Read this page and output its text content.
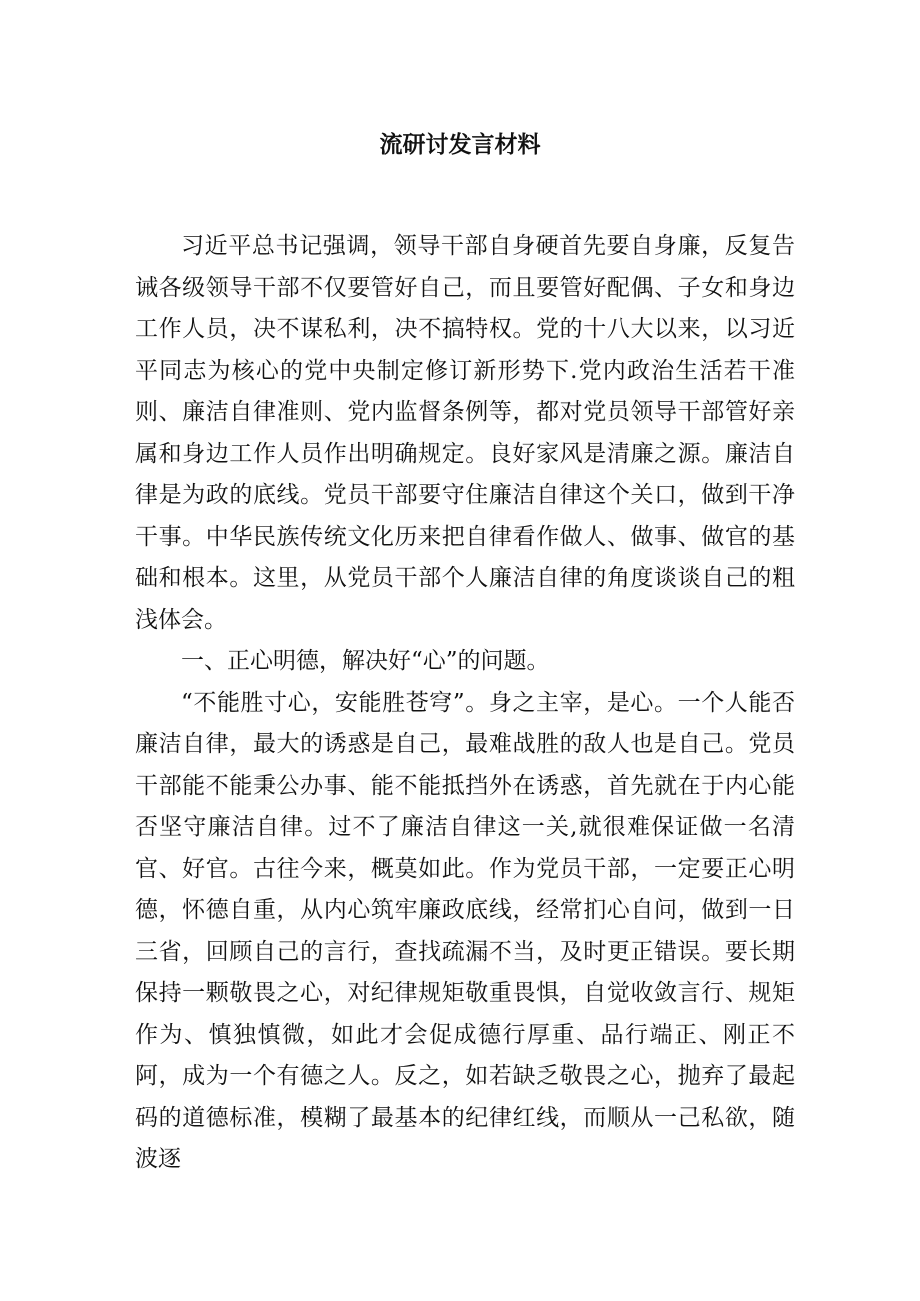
流研讨发言材料

习近平总书记强调，领导干部自身硬首先要自身廉，反复告诫各级领导干部不仅要管好自己，而且要管好配偶、子女和身边工作人员，决不谋私利，决不搞特权。党的十八大以来，以习近平同志为核心的党中央制定修订新形势下.党内政治生活若干准则、廉洁自律准则、党内监督条例等，都对党员领导干部管好亲属和身边工作人员作出明确规定。良好家风是清廉之源。廉洁自律是为政的底线。党员干部要守住廉洁自律这个关口，做到干净干事。中华民族传统文化历来把自律看作做人、做事、做官的基础和根本。这里，从党员干部个人廉洁自律的角度谈谈自己的粗浅体会。

一、正心明德，解决好“心”的问题。

“不能胜寸心，安能胜苍穹”。身之主宰，是心。一个人能否廉洁自律，最大的诱惑是自己，最难战胜的敌人也是自己。党员干部能不能秉公办事、能不能抵挡外在诱惑，首先就在于内心能否坚守廉洁自律。过不了廉洁自律这一关,就很难保证做一名清官、好官。古往今来，概莫如此。作为党员干部，一定要正心明德，怀德自重，从内心筑牢廉政底线，经常扪心自问，做到一日三省，回顾自己的言行，查找疏漏不当，及时更正错误。要长期保持一颗敬畏之心，对纪律规矩敬重畏惧，自觉收敛言行、规矩作为、慎独慎微，如此才会促成德行厚重、品行端正、刚正不阿，成为一个有德之人。反之，如若缺乏敬畏之心，抛弃了最起码的道德标准，模糊了最基本的纪律红线，而顺从一己私欲，随波逐
